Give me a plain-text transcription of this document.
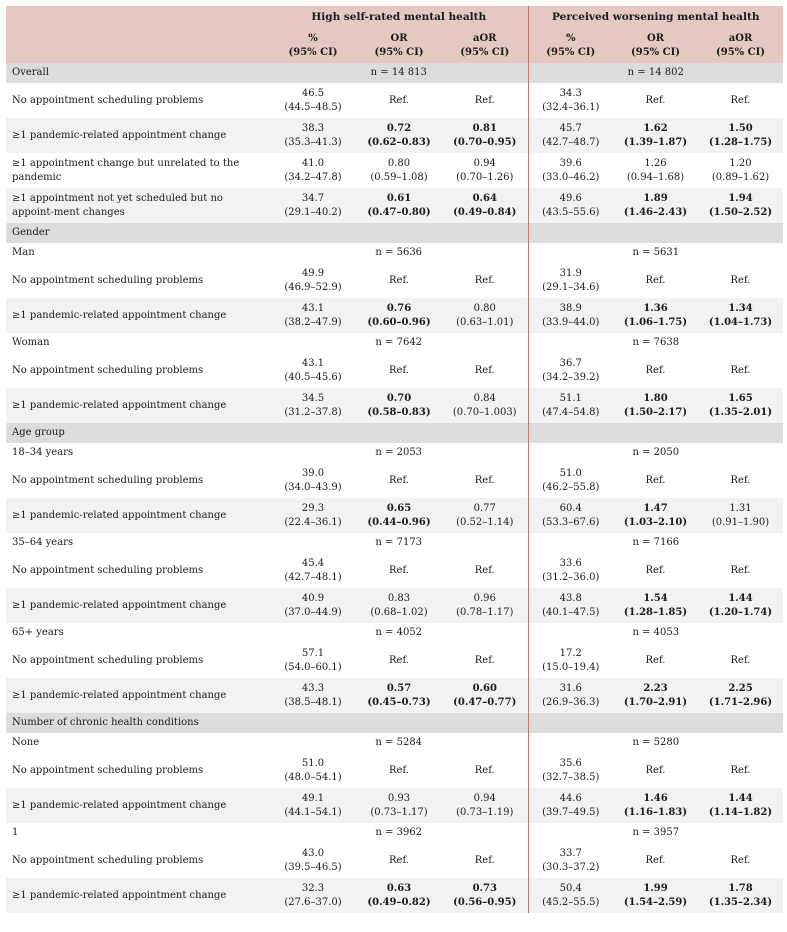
	High self-rated mental health			Perceived worsening mental health		

	%
(95% CI)	OR
(95% CI)	aOR
(95% CI)	%
(95% CI)	OR
(95% CI)	aOR
(95% CI)

Overall	n = 14 813			n = 14 802		
No appointment scheduling problems	46.5
(44.5–48.5)	Ref.	Ref.	34.3
(32.4–36.1)	Ref.	Ref.

≥1 pandemic-related appointment change	38.3
(35.3–41.3)	0.72
(0.62–0.83)	0.81
(0.70–0.95)	45.7
(42.7–48.7)	1.62
(1.39–1.87)	1.50
(1.28–1.75)

≥1 appointment change but unrelated to the pandemic	41.0
(34.2–47.8)	0.80
(0.59–1.08)	0.94
(0.70–1.26)	39.6
(33.0–46.2)	1.26
(0.94–1.68)	1.20
(0.89–1.62)

≥1 appointment not yet scheduled but no appoint-ment changes	34.7
(29.1–40.2)	0.61
(0.47–0.80)	0.64
(0.49–0.84)	49.6
(43.5–55.6)	1.89
(1.46–2.43)	1.94
(1.50–2.52)

Gender						
Man	n = 5636			n = 5631		
No appointment scheduling problems	49.9
(46.9–52.9)	Ref.	Ref.	31.9
(29.1–34.6)	Ref.	Ref.

≥1 pandemic-related appointment change	43.1
(38.2–47.9)	0.76
(0.60–0.96)	0.80
(0.63–1.01)	38.9
(33.9–44.0)	1.36
(1.06–1.75)	1.34
(1.04–1.73)

Woman	n = 7642			n = 7638		
No appointment scheduling problems	43.1
(40.5–45.6)	Ref.	Ref.	36.7
(34.2–39.2)	Ref.	Ref.

≥1 pandemic-related appointment change	34.5
(31.2–37.8)	0.70
(0.58–0.83)	0.84
(0.70–1.003)	51.1
(47.4–54.8)	1.80
(1.50–2.17)	1.65
(1.35–2.01)

Age group						
18–34 years	n = 2053			n = 2050		
No appointment scheduling problems	39.0
(34.0–43.9)	Ref.	Ref.	51.0
(46.2–55.8)	Ref.	Ref.

≥1 pandemic-related appointment change	29.3
(22.4–36.1)	0.65
(0.44–0.96)	0.77
(0.52–1.14)	60.4
(53.3–67.6)	1.47
(1.03–2.10)	1.31
(0.91–1.90)

35–64 years	n = 7173			n = 7166		
No appointment scheduling problems	45.4
(42.7–48.1)	Ref.	Ref.	33.6
(31.2–36.0)	Ref.	Ref.

≥1 pandemic-related appointment change	40.9
(37.0–44.9)	0.83
(0.68–1.02)	0.96
(0.78–1.17)	43.8
(40.1–47.5)	1.54
(1.28–1.85)	1.44
(1.20–1.74)

65+ years	n = 4052			n = 4053		
No appointment scheduling problems	57.1
(54.0–60.1)	Ref.	Ref.	17.2
(15.0–19.4)	Ref.	Ref.

≥1 pandemic-related appointment change	43.3
(38.5–48.1)	0.57
(0.45–0.73)	0.60
(0.47–0.77)	31.6
(26.9–36.3)	2.23
(1.70–2.91)	2.25
(1.71–2.96)

Number of chronic health conditions						
None	n = 5284			n = 5280		
No appointment scheduling problems	51.0
(48.0–54.1)	Ref.	Ref.	35.6
(32.7–38.5)	Ref.	Ref.

≥1 pandemic-related appointment change	49.1
(44.1–54.1)	0.93
(0.73–1.17)	0.94
(0.73–1.19)	44.6
(39.7–49.5)	1.46
(1.16–1.83)	1.44
(1.14–1.82)

1	n = 3962			n = 3957		
No appointment scheduling problems	43.0
(39.5–46.5)	Ref.	Ref.	33.7
(30.3–37.2)	Ref.	Ref.

≥1 pandemic-related appointment change	32.3
(27.6–37.0)	0.63
(0.49–0.82)	0.73
(0.56–0.95)	50.4
(45.2–55.5)	1.99
(1.54–2.59)	1.78
(1.35–2.34)
